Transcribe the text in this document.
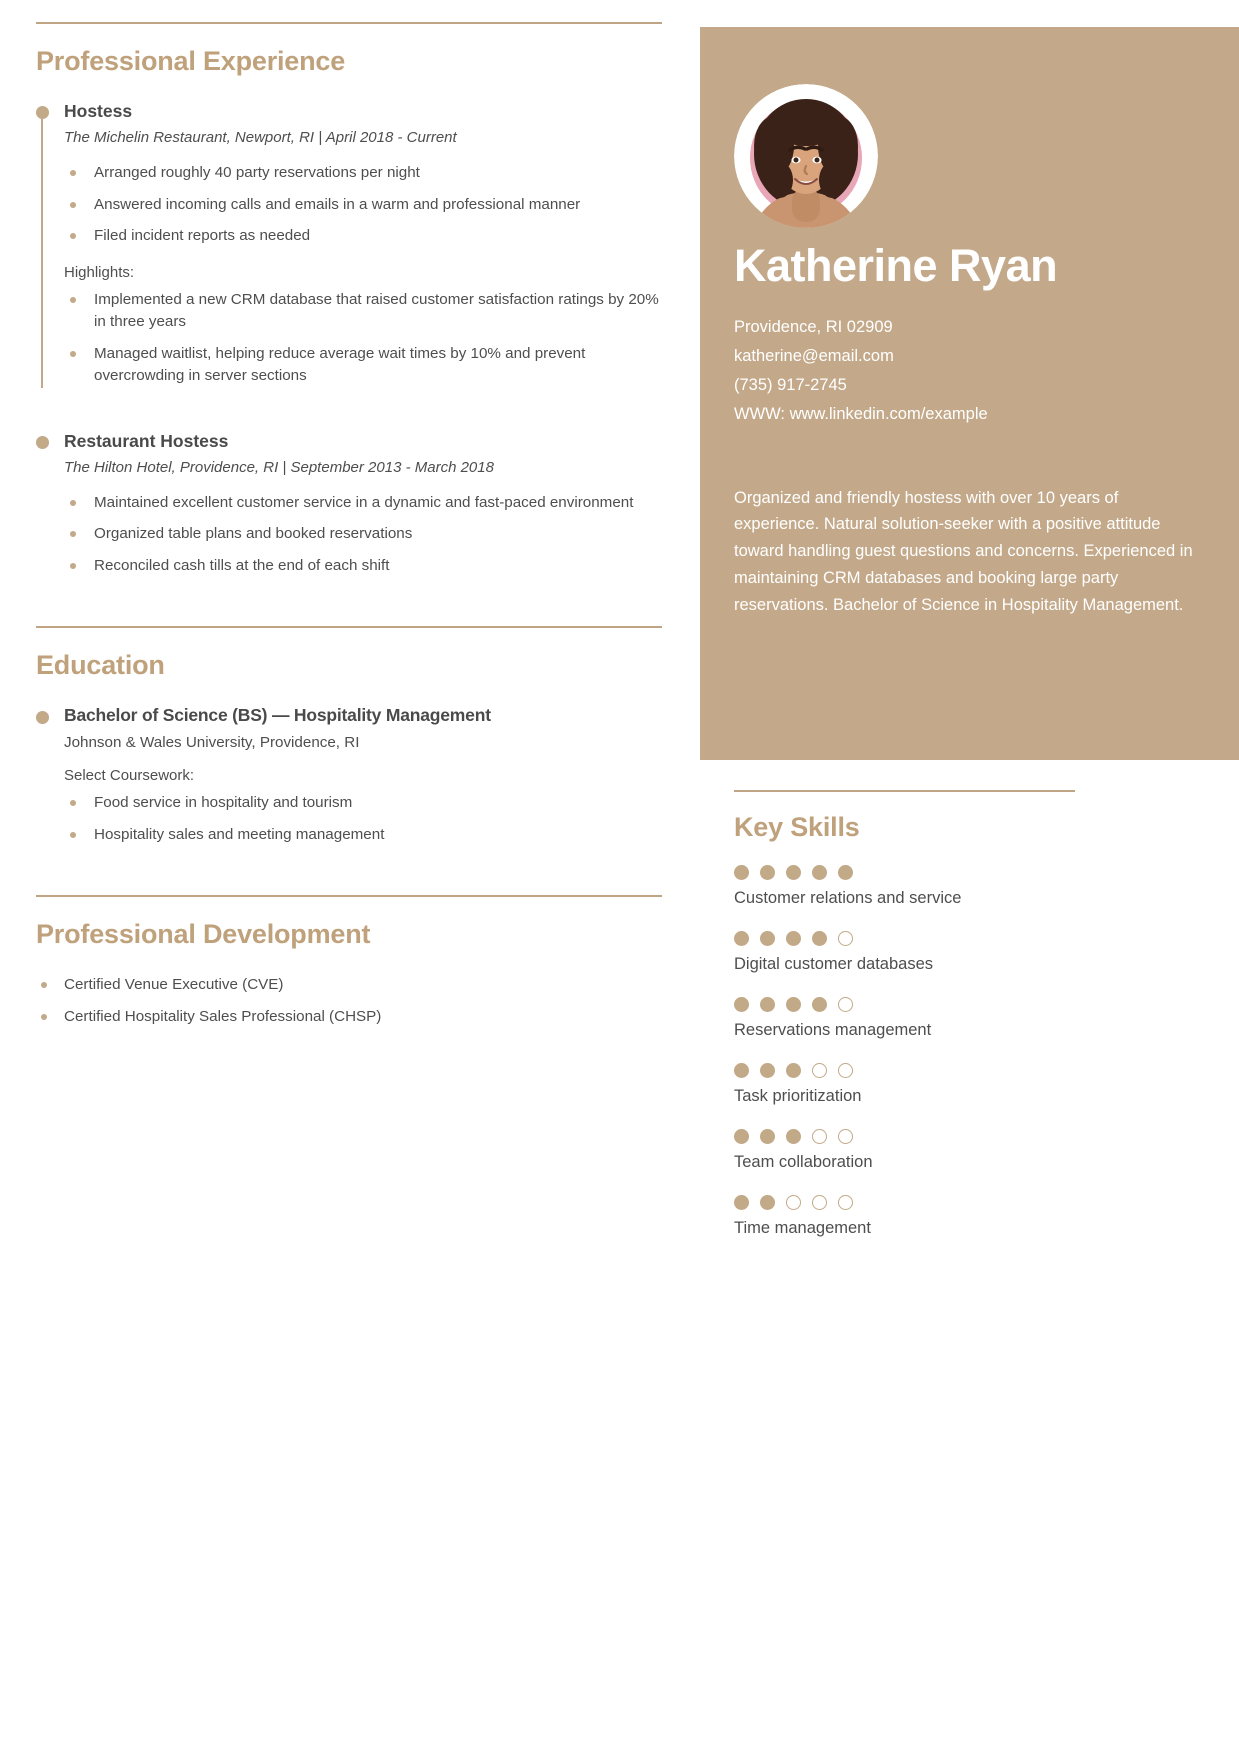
Professional Experience
Hostess
The Michelin Restaurant, Newport, RI | April 2018 - Current
Arranged roughly 40 party reservations per night
Answered incoming calls and emails in a warm and professional manner
Filed incident reports as needed
Highlights:
Implemented a new CRM database that raised customer satisfaction ratings by 20% in three years
Managed waitlist, helping reduce average wait times by 10% and prevent overcrowding in server sections
Restaurant Hostess
The Hilton Hotel, Providence, RI | September 2013 - March 2018
Maintained excellent customer service in a dynamic and fast-paced environment
Organized table plans and booked reservations
Reconciled cash tills at the end of each shift
Education
Bachelor of Science (BS) — Hospitality Management
Johnson & Wales University, Providence, RI
Select Coursework:
Food service in hospitality and tourism
Hospitality sales and meeting management
Professional Development
Certified Venue Executive (CVE)
Certified Hospitality Sales Professional (CHSP)
Katherine Ryan
Providence, RI 02909
katherine@email.com
(735) 917-2745
WWW: www.linkedin.com/example
Organized and friendly hostess with over 10 years of experience. Natural solution-seeker with a positive attitude toward handling guest questions and concerns. Experienced in maintaining CRM databases and booking large party reservations. Bachelor of Science in Hospitality Management.
Key Skills
Customer relations and service
Digital customer databases
Reservations management
Task prioritization
Team collaboration
Time management
